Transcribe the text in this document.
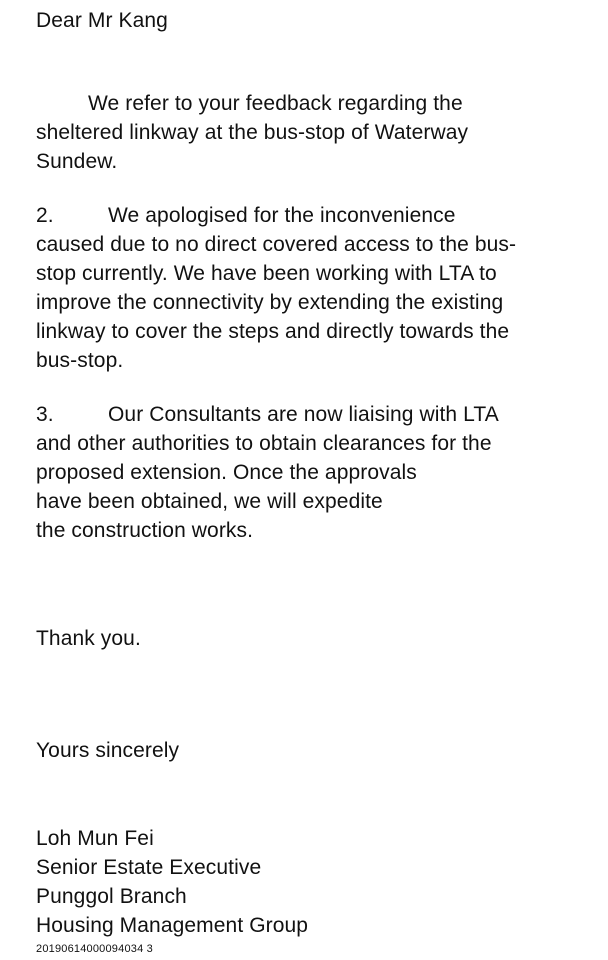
Dear Mr Kang
We refer to your feedback regarding the
sheltered linkway at the bus-stop of Waterway
Sundew.
2.	We apologised for the inconvenience
caused due to no direct covered access to the bus-
stop currently. We have been working with LTA to
improve the connectivity by extending the existing
linkway to cover the steps and directly towards the
bus-stop.
3.	Our Consultants are now liaising with LTA
and other authorities to obtain clearances for the
proposed extension. Once the approvals
have been obtained, we will expedite
the construction works.
Thank you.
Yours sincerely
Loh Mun Fei
Senior Estate Executive
Punggol Branch
Housing Management Group
20190614000094034 3
